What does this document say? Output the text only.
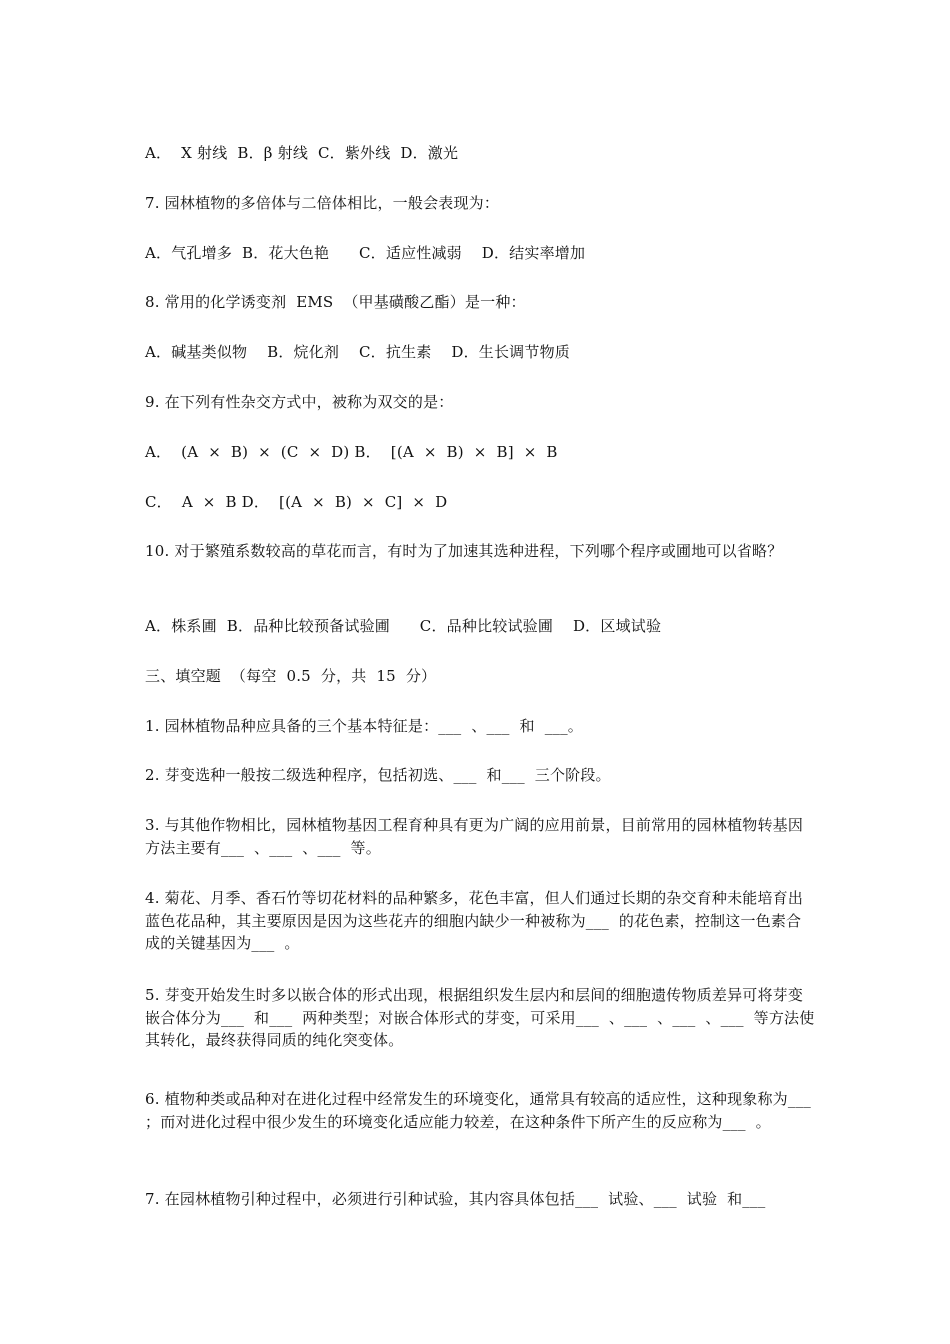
A．  X 射线  B．β 射线  C．紫外线  D．激光
7. 园林植物的多倍体与二倍体相比，一般会表现为：
A．气孔增多  B．花大色艳      C．适应性减弱    D．结实率增加
8. 常用的化学诱变剂  EMS  （甲基磺酸乙酯）是一种：
A．碱基类似物    B．烷化剂    C．抗生素    D．生长调节物质
9. 在下列有性杂交方式中，被称为双交的是：
A．  (A  ×  B)  ×  (C  ×  D) B．  [(A  ×  B)  ×  B]  ×  B
C．  A  ×  B D．  [(A  ×  B)  ×  C]  ×  D
10. 对于繁殖系数较高的草花而言，有时为了加速其选种进程，下列哪个程序或圃地可以省略？
A．株系圃  B．品种比较预备试验圃      C．品种比较试验圃    D．区域试验
三、填空题  （每空  0.5  分，共  15  分）
1. 园林植物品种应具备的三个基本特征是：___  、___  和  ___。
2. 芽变选种一般按二级选种程序，包括初选、___  和___  三个阶段。
3. 与其他作物相比，园林植物基因工程育种具有更为广阔的应用前景，目前常用的园林植物转基因方法主要有___  、___  、___  等。
4. 菊花、月季、香石竹等切花材料的品种繁多，花色丰富，但人们通过长期的杂交育种未能培育出蓝色花品种，其主要原因是因为这些花卉的细胞内缺少一种被称为___  的花色素，控制这一色素合成的关键基因为___  。
5. 芽变开始发生时多以嵌合体的形式出现，根据组织发生层内和层间的细胞遗传物质差异可将芽变嵌合体分为___  和___  两种类型；对嵌合体形式的芽变，可采用___  、___  、___  、___  等方法使其转化，最终获得同质的纯化突变体。
6. 植物种类或品种对在进化过程中经常发生的环境变化，通常具有较高的适应性，这种现象称为___  ；而对进化过程中很少发生的环境变化适应能力较差，在这种条件下所产生的反应称为___  。
7. 在园林植物引种过程中，必须进行引种试验，其内容具体包括___  试验、___  试验  和___
